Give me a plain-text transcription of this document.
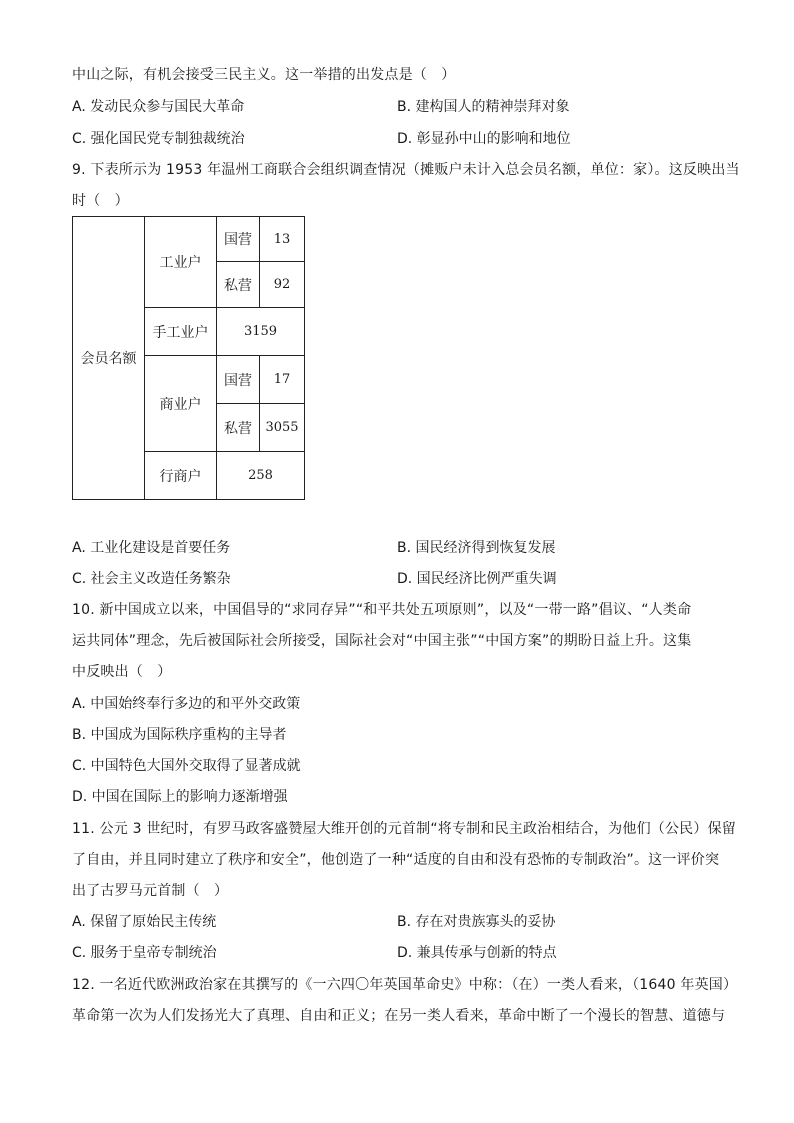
中山之际，有机会接受三民主义。这一举措的出发点是（　）
A. 发动民众参与国民大革命	B. 建构国人的精神崇拜对象
C. 强化国民党专制独裁统治	D. 彰显孙中山的影响和地位
9. 下表所示为 1953 年温州工商联合会组织调查情况（摊贩户未计入总会员名额，单位：家）。这反映出当
时（　）
会员名额	工业户	国营	13
		私营	92
	手工业户	3159	
	商业户	国营	17
		私营	3055
	行商户	258	
A. 工业化建设是首要任务	B. 国民经济得到恢复发展
C. 社会主义改造任务繁杂	D. 国民经济比例严重失调
10. 新中国成立以来，中国倡导的“求同存异”“和平共处五项原则”，以及“一带一路”倡议、“人类命
运共同体”理念，先后被国际社会所接受，国际社会对“中国主张”“中国方案”的期盼日益上升。这集
中反映出（　）
A. 中国始终奉行多边的和平外交政策
B. 中国成为国际秩序重构的主导者
C. 中国特色大国外交取得了显著成就
D. 中国在国际上的影响力逐渐增强
11. 公元 3 世纪时，有罗马政客盛赞屋大维开创的元首制“将专制和民主政治相结合，为他们（公民）保留
了自由，并且同时建立了秩序和安全”，他创造了一种“适度的自由和没有恐怖的专制政治”。这一评价突
出了古罗马元首制（　）
A. 保留了原始民主传统	B. 存在对贵族寡头的妥协
C. 服务于皇帝专制统治	D. 兼具传承与创新的特点
12. 一名近代欧洲政治家在其撰写的《一六四〇年英国革命史》中称：（在）一类人看来，（1640 年英国）
革命第一次为人们发扬光大了真理、自由和正义；在另一类人看来，革命中断了一个漫长的智慧、道德与
